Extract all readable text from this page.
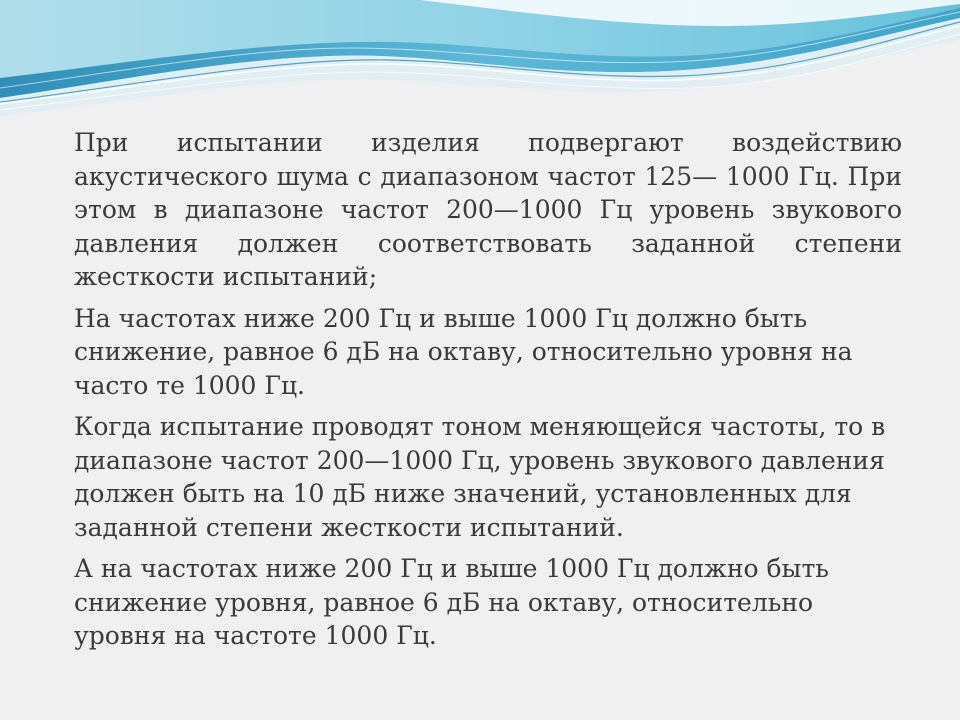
При испытании изделия подвергают воздействию акустического шума с диапазоном частот 125— 1000 Гц. При этом в диапазоне частот 200—1000 Гц уровень звукового давления должен соответствовать заданной степени жесткости испытаний;

На частотах ниже 200 Гц и выше 1000 Гц должно быть снижение, равное 6 дБ на октаву, относительно уровня на часто те 1000 Гц.

Когда испытание проводят тоном меняющейся частоты, то в диапазоне частот 200—1000 Гц, уровень звукового давления должен быть на 10 дБ ниже значений, установленных для заданной степени жесткости испытаний.

А на частотах ниже 200 Гц и выше 1000 Гц должно быть снижение уровня, равное 6 дБ на октаву, относительно уровня на частоте 1000 Гц.
